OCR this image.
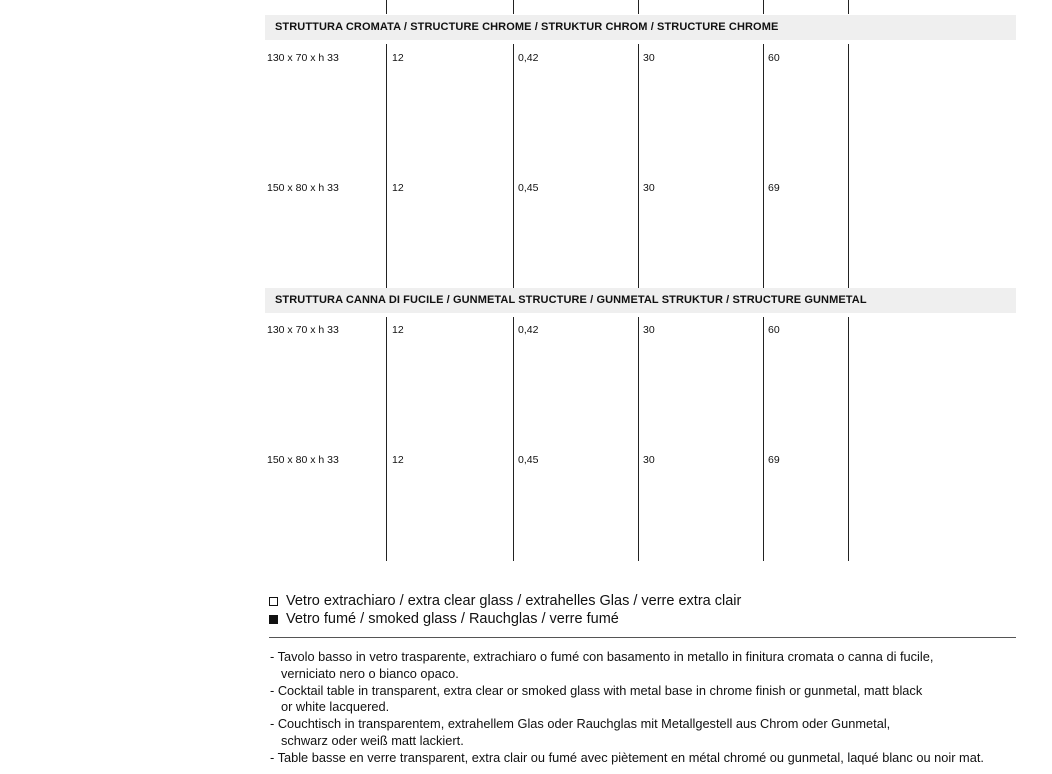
STRUTTURA CROMATA / STRUCTURE CHROME / STRUKTUR CHROM / STRUCTURE CHROME
130 x 70 x h 33	12	0,42	30	60
150 x 80 x h 33	12	0,45	30	69
STRUTTURA CANNA DI FUCILE / GUNMETAL STRUCTURE / GUNMETAL STRUKTUR / STRUCTURE GUNMETAL
130 x 70 x h 33	12	0,42	30	60
150 x 80 x h 33	12	0,45	30	69
Vetro extrachiaro / extra clear glass / extrahelles Glas / verre extra clair
Vetro fumé / smoked glass / Rauchglas / verre fumé
- Tavolo basso in vetro trasparente, extrachiaro o fumé con basamento in metallo in finitura cromata o canna di fucile,
verniciato nero o bianco opaco.
- Cocktail table in transparent, extra clear or smoked glass with metal base in chrome finish or gunmetal, matt black
or white lacquered.
- Couchtisch in transparentem, extrahellem Glas oder Rauchglas mit Metallgestell aus Chrom oder Gunmetal,
schwarz oder weiß matt lackiert.
- Table basse en verre transparent, extra clair ou fumé avec piètement en métal chromé ou gunmetal, laqué blanc ou noir mat.
